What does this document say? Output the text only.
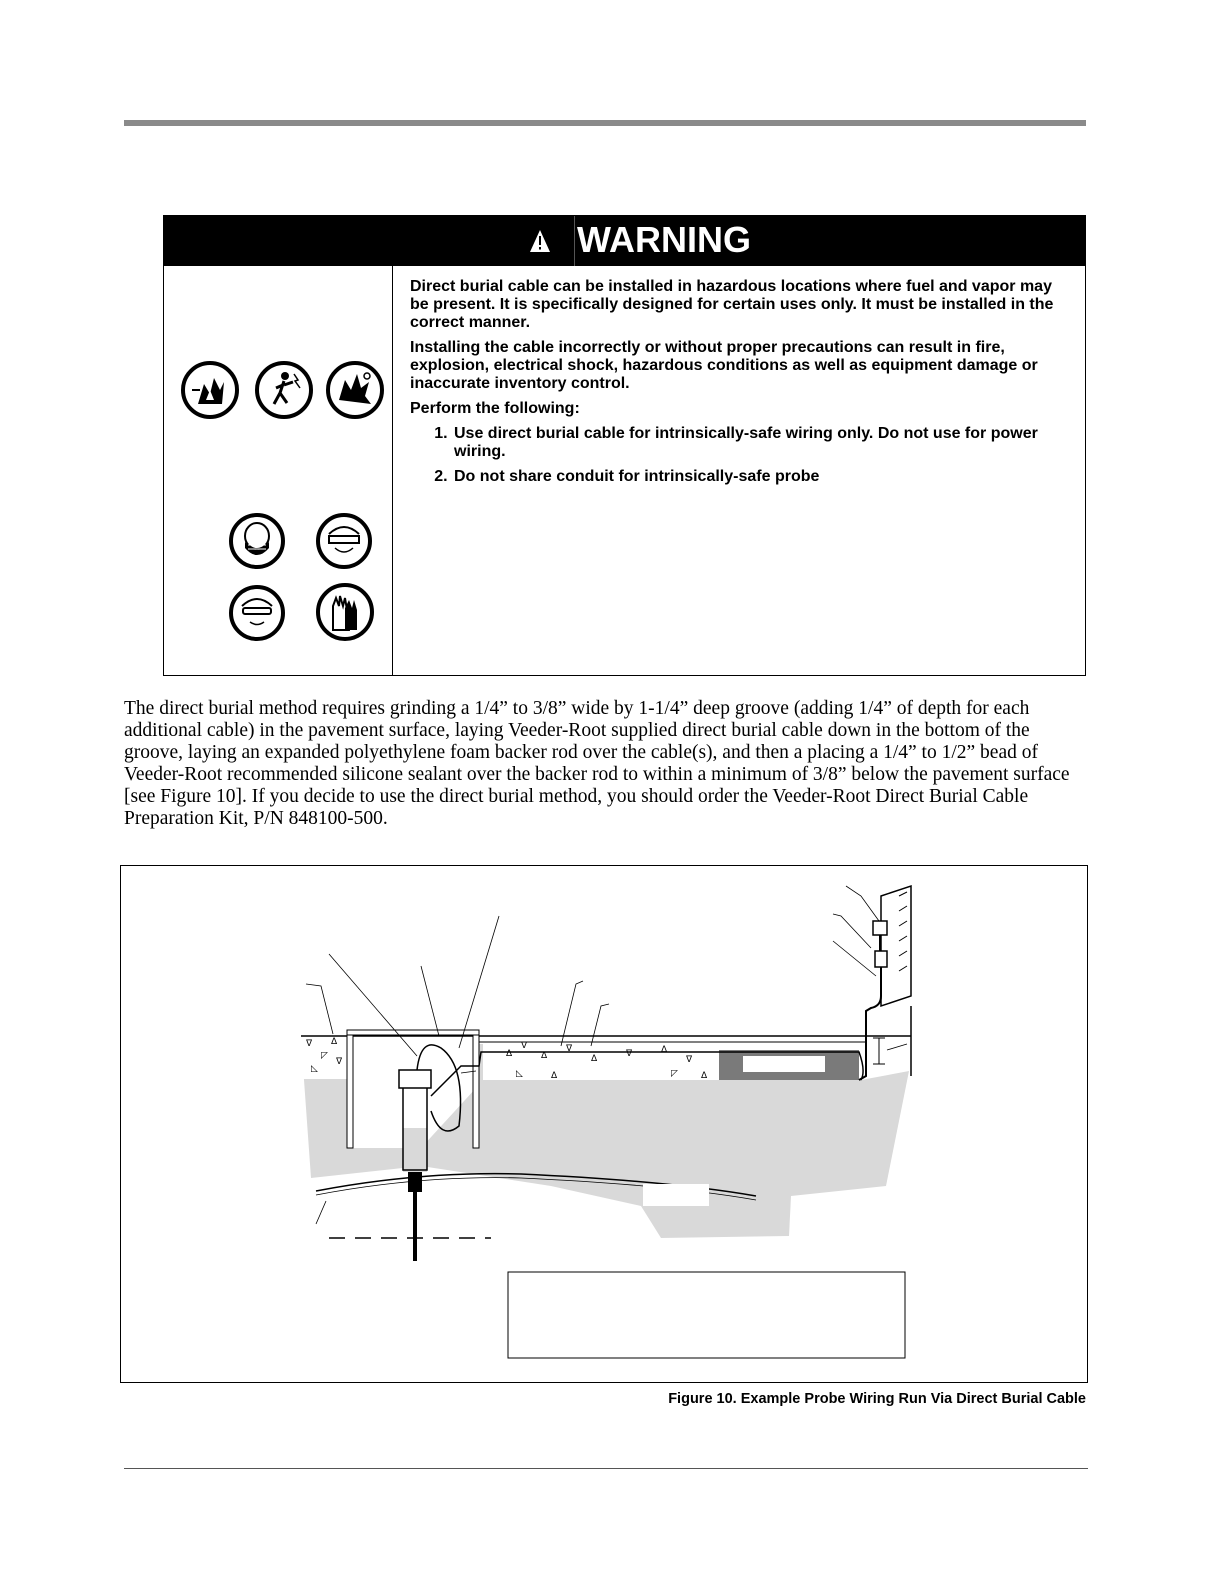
WARNING

Direct burial cable can be installed in hazardous locations where fuel and vapor may be present. It is specifically designed for certain uses only. It must be installed in the correct manner.

Installing the cable incorrectly or without proper precautions can result in fire, explosion, electrical shock, hazardous conditions as well as equipment damage or inaccurate inventory control.

Perform the following:

1. Use direct burial cable for intrinsically-safe wiring only. Do not use for power wiring.
2. Do not share conduit for intrinsically-safe probe
The direct burial method requires grinding a 1/4” to 3/8” wide by 1-1/4” deep groove (adding 1/4” of depth for each additional cable) in the pavement surface, laying Veeder-Root supplied direct burial cable down in the bottom of the groove, laying an expanded polyethylene foam backer rod over the cable(s), and then a placing a 1/4” to 1/2” bead of Veeder-Root recommended silicone sealant over the backer rod to within a minimum of 3/8” below the pavement surface [see Figure 10]. If you decide to use the direct burial method, you should order the Veeder-Root Direct Burial Cable Preparation Kit, P/N 848100-500.
ᐁ
◸
ᐃ
◺
ᐁ
ᐃ
ᐁ
ᐃ
ᐁ
ᐃ	ᐁ	ᐃ
ᐁ
◺	ᐃ	◸	ᐃ
Figure 10. Example Probe Wiring Run Via Direct Burial Cable
